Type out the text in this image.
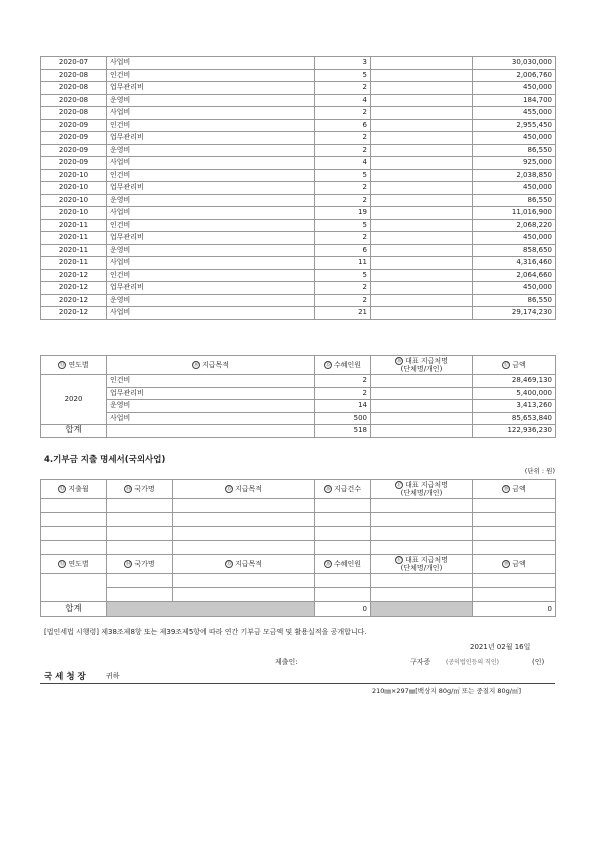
2020-07	사업비	3		30,030,000
2020-08	인건비	5		2,006,760
2020-08	업무관리비	2		450,000
2020-08	운영비	4		184,700
2020-08	사업비	2		455,000
2020-09	인건비	6		2,955,450
2020-09	업무관리비	2		450,000
2020-09	운영비	2		86,550
2020-09	사업비	4		925,000
2020-10	인건비	5		2,038,850
2020-10	업무관리비	2		450,000
2020-10	운영비	2		86,550
2020-10	사업비	19		11,016,900
2020-11	인건비	5		2,068,220
2020-11	업무관리비	2		450,000
2020-11	운영비	6		858,650
2020-11	사업비	11		4,316,460
2020-12	인건비	5		2,064,660
2020-12	업무관리비	2		450,000
2020-12	운영비	2		86,550
2020-12	사업비	21		29,174,230
⑬ 연도별	⑭ 지급목적	⑮ 수혜인원	⑯ 대표 지급처명
(단체명/개인)	⑰ 금액
2020	인건비	2		28,469,130
	업무관리비	2		5,400,000
	운영비	14		3,413,260
	사업비	500		85,653,840
합계		518		122,936,230
4.기부금 지출 명세서(국외사업)
(단위 : 원)
⑬ 지출월	⑭ 국가명	⑮ 지급목적	⑯ 지급건수	⑰ 대표 지급처명
(단체명/개인)	⑱ 금액

⑬ 연도별	⑭ 국가명	⑮ 지급목적	⑯ 수혜인원	⑰ 대표 지급처명
(단체명/개인)	⑱ 금액

합계			0		0
[법인세법 시행령] 제38조제8항 또는 제39조제5항에 따라 연간 기부금 모금액 및 활용실적을 공개합니다.
2021년 02월 16일
제출인:	구자증	(공익법인등의 직인)	(인)
국 세 청 장	귀하
210㎜×297㎜[백상지 80g/㎡ 또는 중질지 80g/㎡]
